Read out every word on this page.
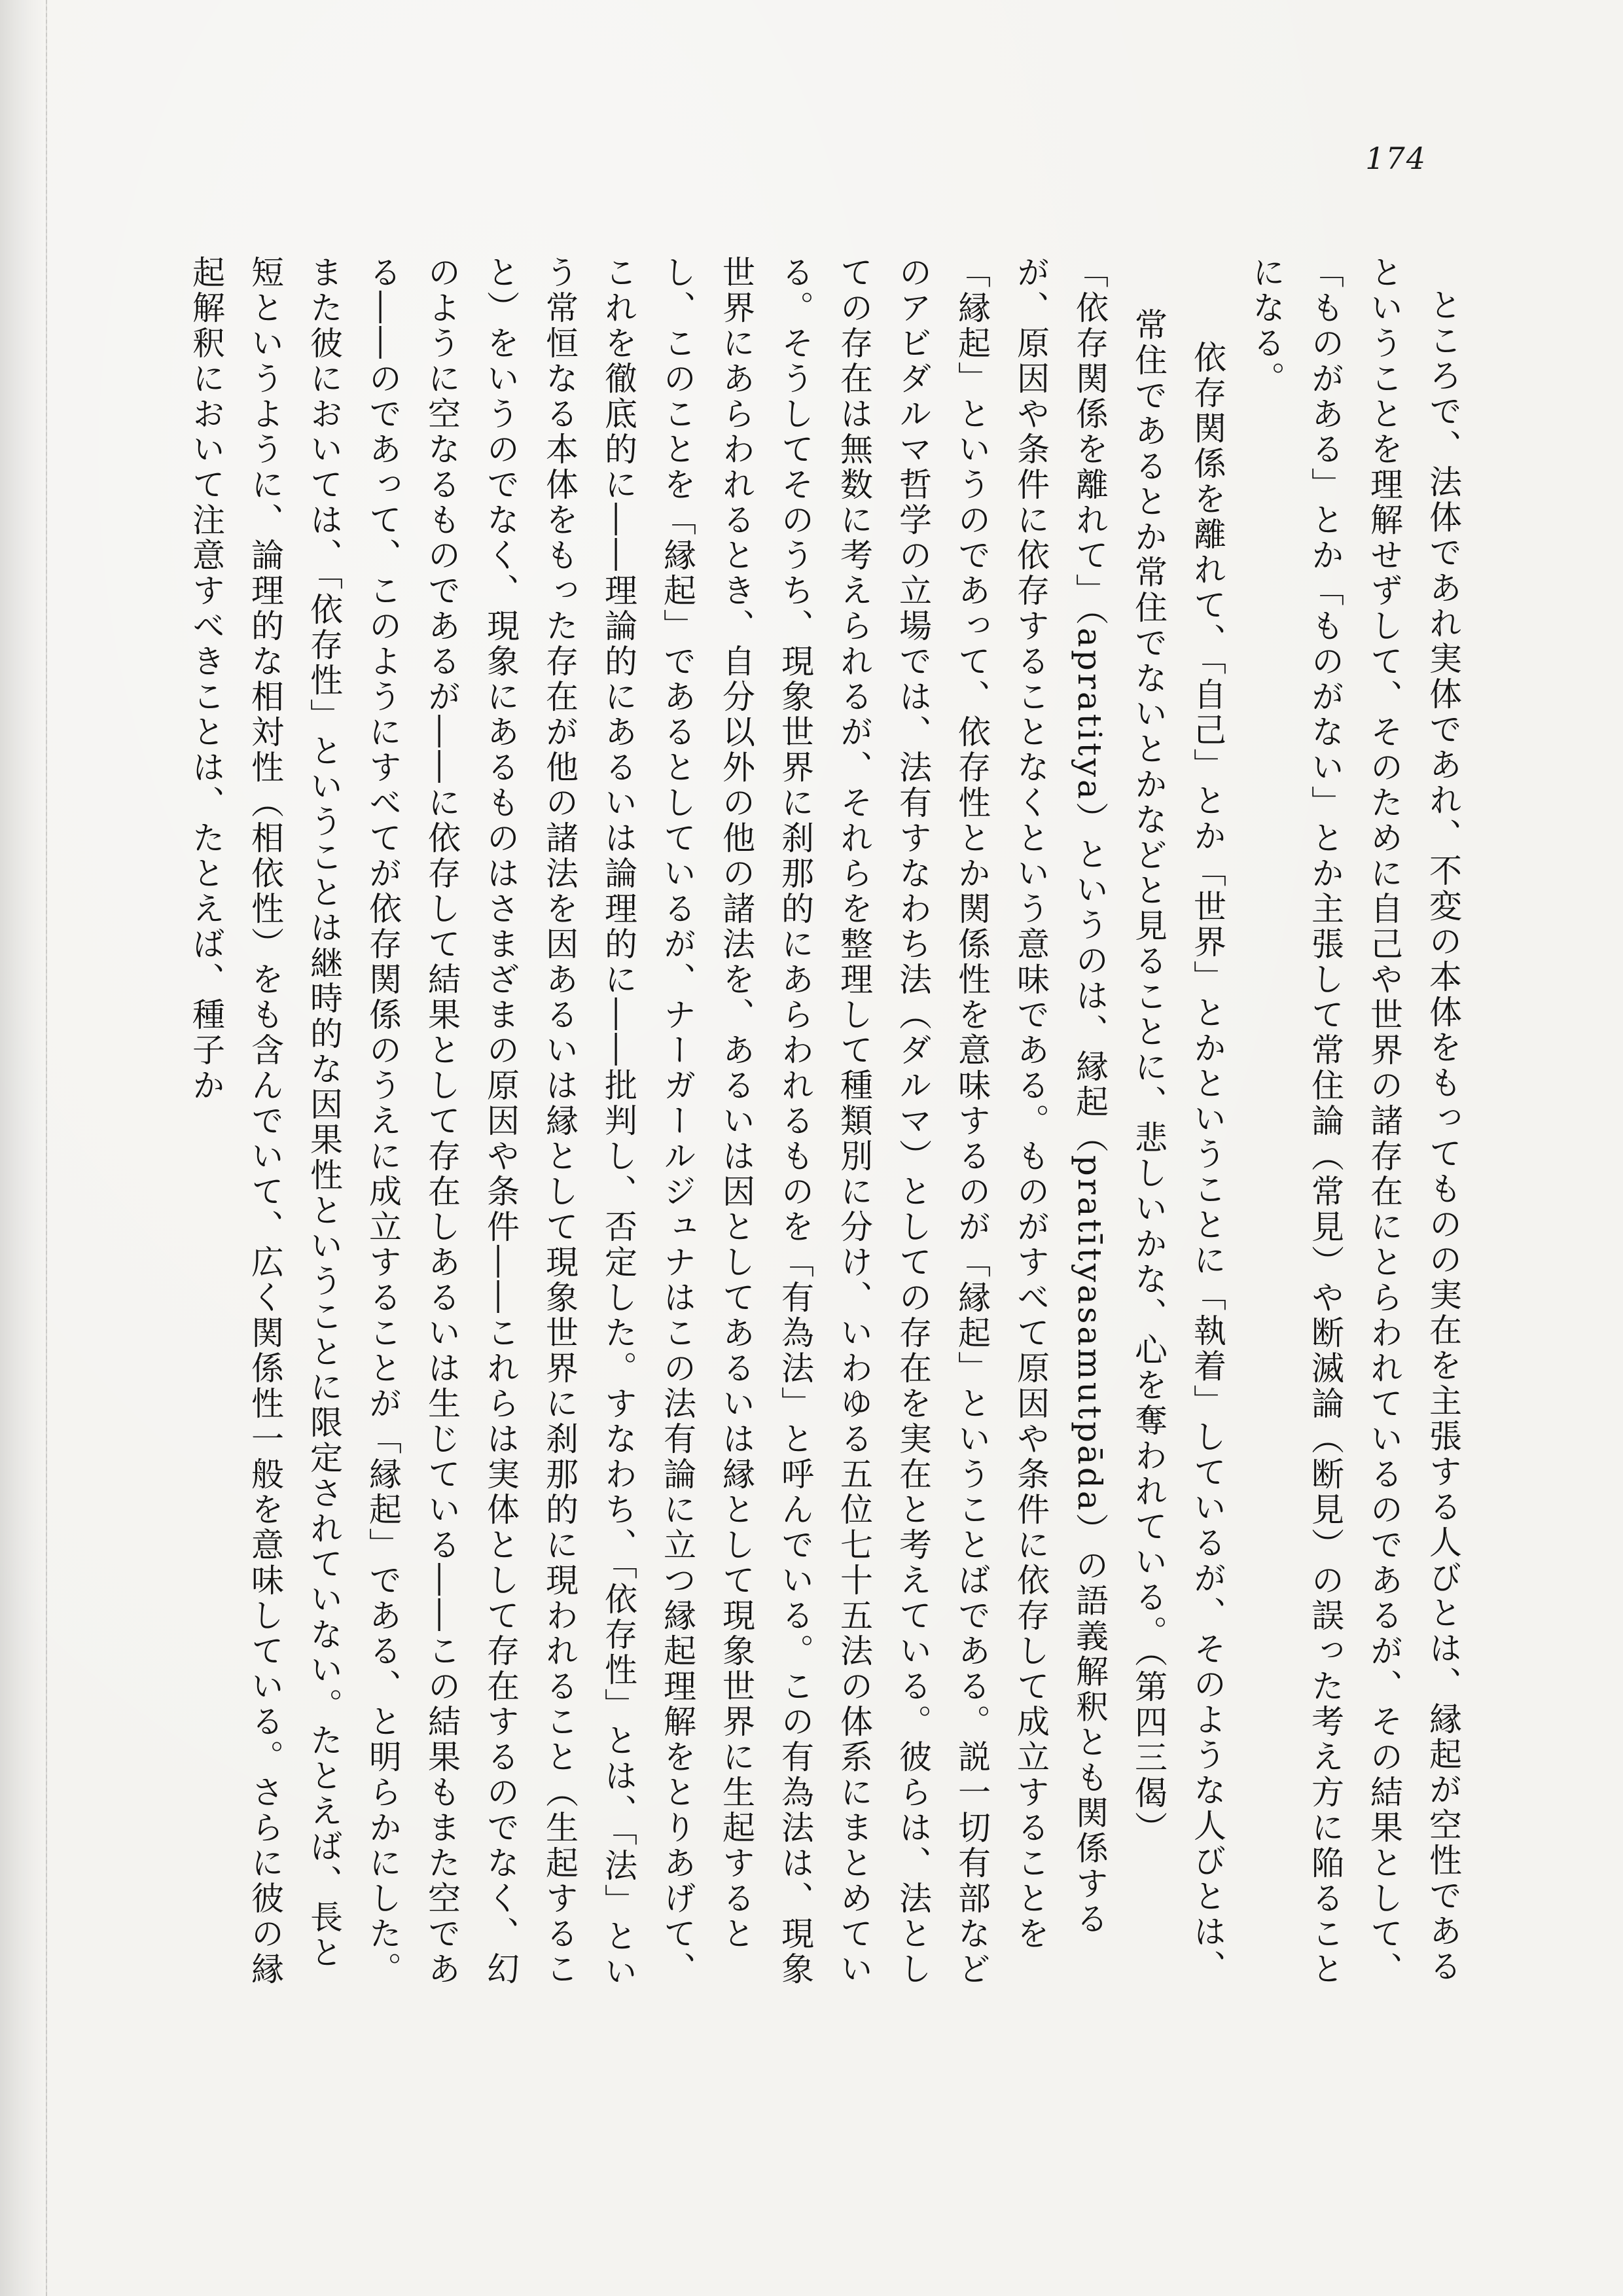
174

ところで、法体であれ実体であれ、不変の本体をもってものの実在を主張する人びとは、縁起が空性であるということを理解せずして、そのために自己や世界の諸存在にとらわれているのであるが、その結果として、「ものがある」とか「ものがない」とか主張して常住論（常見）や断滅論（断見）の誤った考え方に陥ることになる。

依存関係を離れて、「自己」とか「世界」とかということに「執着」しているが、そのような人びとは、常住であるとか常住でないとかなどと見ることに、悲しいかな、心を奪われている。（第四三偈）

「依存関係を離れて」（apratitya）というのは、縁起（pratītyasamutpāda）の語義解釈とも関係するが、原因や条件に依存することなくという意味である。ものがすべて原因や条件に依存して成立することを「縁起」というのであって、依存性とか関係性を意味するのが「縁起」ということばである。説一切有部などのアビダルマ哲学の立場では、法有すなわち法（ダルマ）としての存在を実在と考えている。彼らは、法としての存在は無数に考えられるが、それらを整理して種類別に分け、いわゆる五位七十五法の体系にまとめている。そうしてそのうち、現象世界に刹那的にあらわれるものを「有為法」と呼んでいる。この有為法は、現象世界にあらわれるとき、自分以外の他の諸法を、あるいは因としてあるいは縁として現象世界に生起するとし、このことを「縁起」であるとしているが、ナーガールジュナはこの法有論に立つ縁起理解をとりあげて、これを徹底的に――理論的にあるいは論理的に――批判し、否定した。すなわち、「依存性」とは、「法」という常恒なる本体をもった存在が他の諸法を因あるいは縁として現象世界に刹那的に現われること（生起すること）をいうのでなく、現象にあるものはさまざまの原因や条件――これらは実体として存在するのでなく、幻のように空なるものであるが――に依存して結果として存在しあるいは生じている――この結果もまた空である――のであって、このようにすべてが依存関係のうえに成立することが「縁起」である、と明らかにした。また彼においては、「依存性」ということは継時的な因果性ということに限定されていない。たとえば、長と短というように、論理的な相対性（相依性）をも含んでいて、広く関係性一般を意味している。さらに彼の縁起解釈において注意すべきことは、たとえば、種子か
